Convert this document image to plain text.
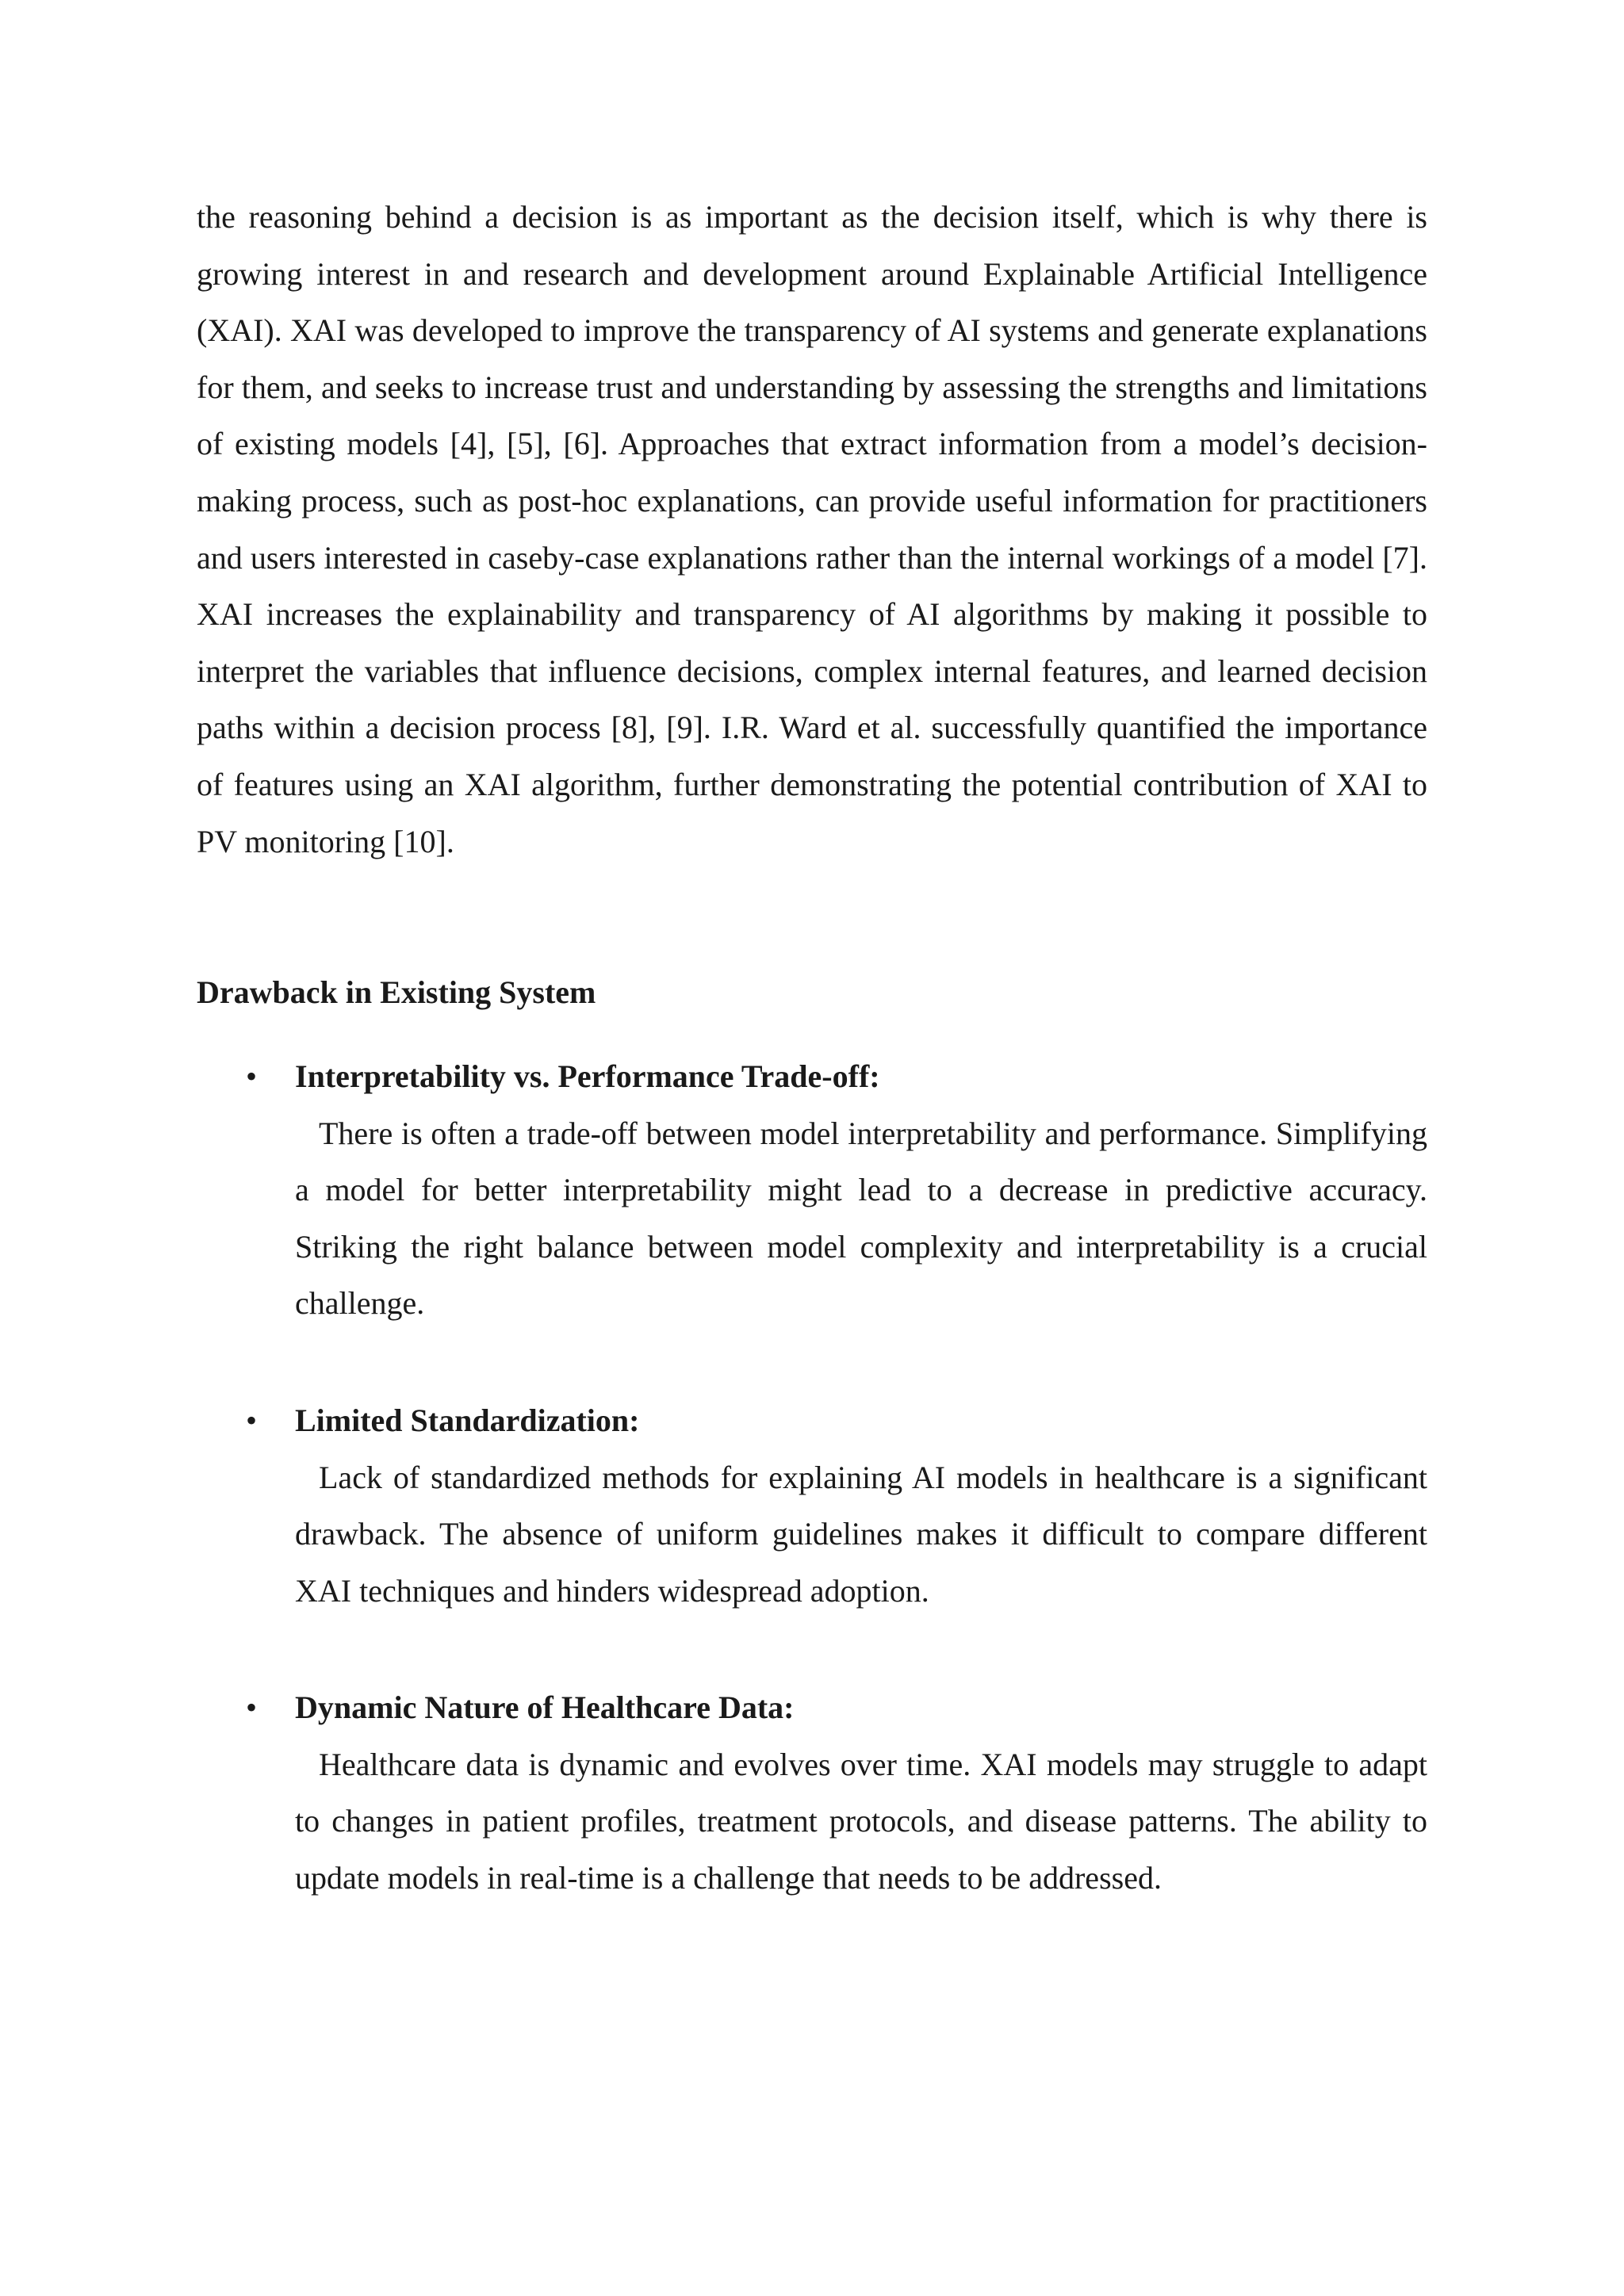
the reasoning behind a decision is as important as the decision itself, which is why there is growing interest in and research and development around Explainable Artificial Intelligence (XAI). XAI was developed to improve the transparency of AI systems and generate explanations for them, and seeks to increase trust and understanding by assessing the strengths and limitations of existing models [4], [5], [6]. Approaches that extract information from a model’s decision-making process, such as post-hoc explanations, can provide useful information for practitioners and users interested in caseby-case explanations rather than the internal workings of a model [7]. XAI increases the explainability and transparency of AI algorithms by making it possible to interpret the variables that influence decisions, complex internal features, and learned decision paths within a decision process [8], [9]. I.R. Ward et al. successfully quantified the importance of features using an XAI algorithm, further demonstrating the potential contribution of XAI to PV monitoring [10].

Drawback in Existing System
• Interpretability vs. Performance Trade-off:

There is often a trade-off between model interpretability and performance. Simplifying a model for better interpretability might lead to a decrease in predictive accuracy. Striking the right balance between model complexity and interpretability is a crucial challenge.

• Limited Standardization:

Lack of standardized methods for explaining AI models in healthcare is a significant drawback. The absence of uniform guidelines makes it difficult to compare different XAI techniques and hinders widespread adoption.

• Dynamic Nature of Healthcare Data:

Healthcare data is dynamic and evolves over time. XAI models may struggle to adapt to changes in patient profiles, treatment protocols, and disease patterns. The ability to update models in real-time is a challenge that needs to be addressed.
